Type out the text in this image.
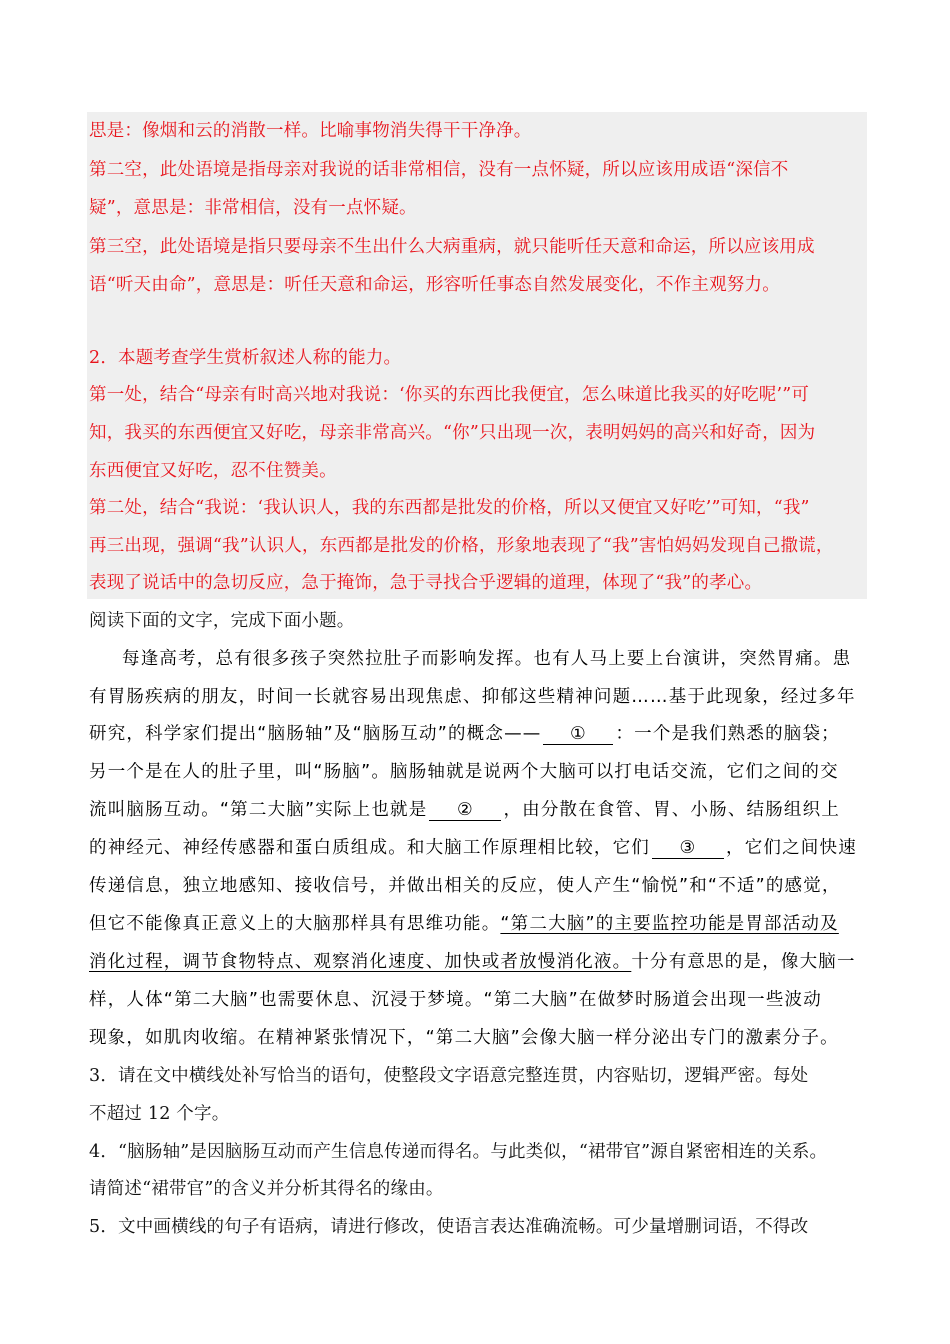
思是：像烟和云的消散一样。比喻事物消失得干干净净。
第二空，此处语境是指母亲对我说的话非常相信，没有一点怀疑，所以应该用成语“深信不
疑”，意思是：非常相信，没有一点怀疑。
第三空，此处语境是指只要母亲不生出什么大病重病，就只能听任天意和命运，所以应该用成
语“听天由命”，意思是：听任天意和命运，形容听任事态自然发展变化，不作主观努力。
2．本题考查学生赏析叙述人称的能力。
第一处，结合“母亲有时高兴地对我说：‘你买的东西比我便宜，怎么味道比我买的好吃呢’”可
知，我买的东西便宜又好吃，母亲非常高兴。“你”只出现一次，表明妈妈的高兴和好奇，因为
东西便宜又好吃，忍不住赞美。
第二处，结合“我说：‘我认识人，我的东西都是批发的价格，所以又便宜又好吃’”可知，“我”
再三出现，强调“我”认识人，东西都是批发的价格，形象地表现了“我”害怕妈妈发现自己撒谎，
表现了说话中的急切反应，急于掩饰，急于寻找合乎逻辑的道理，体现了“我”的孝心。
阅读下面的文字，完成下面小题。
每逢高考，总有很多孩子突然拉肚子而影响发挥。也有人马上要上台演讲，突然胃痛。患
有胃肠疾病的朋友，时间一长就容易出现焦虑、抑郁这些精神问题……基于此现象，经过多年
研究，科学家们提出“脑肠轴”及“脑肠互动”的概念—— ① ：一个是我们熟悉的脑袋；
另一个是在人的肚子里，叫“肠脑”。脑肠轴就是说两个大脑可以打电话交流，它们之间的交
流叫脑肠互动。“第二大脑”实际上也就是 ② ，由分散在食管、胃、小肠、结肠组织上
的神经元、神经传感器和蛋白质组成。和大脑工作原理相比较，它们 ③ ，它们之间快速
传递信息，独立地感知、接收信号，并做出相关的反应，使人产生“愉悦”和“不适”的感觉，
但它不能像真正意义上的大脑那样具有思维功能。“第二大脑”的主要监控功能是胃部活动及
消化过程，调节食物特点、观察消化速度、加快或者放慢消化液。十分有意思的是，像大脑一
样，人体“第二大脑”也需要休息、沉浸于梦境。“第二大脑”在做梦时肠道会出现一些波动
现象，如肌肉收缩。在精神紧张情况下，“第二大脑”会像大脑一样分泌出专门的激素分子。
3．请在文中横线处补写恰当的语句，使整段文字语意完整连贯，内容贴切，逻辑严密。每处
不超过 12 个字。
4．“脑肠轴”是因脑肠互动而产生信息传递而得名。与此类似，“裙带官”源自紧密相连的关系。
请简述“裙带官”的含义并分析其得名的缘由。
5．文中画横线的句子有语病，请进行修改，使语言表达准确流畅。可少量增删词语，不得改
